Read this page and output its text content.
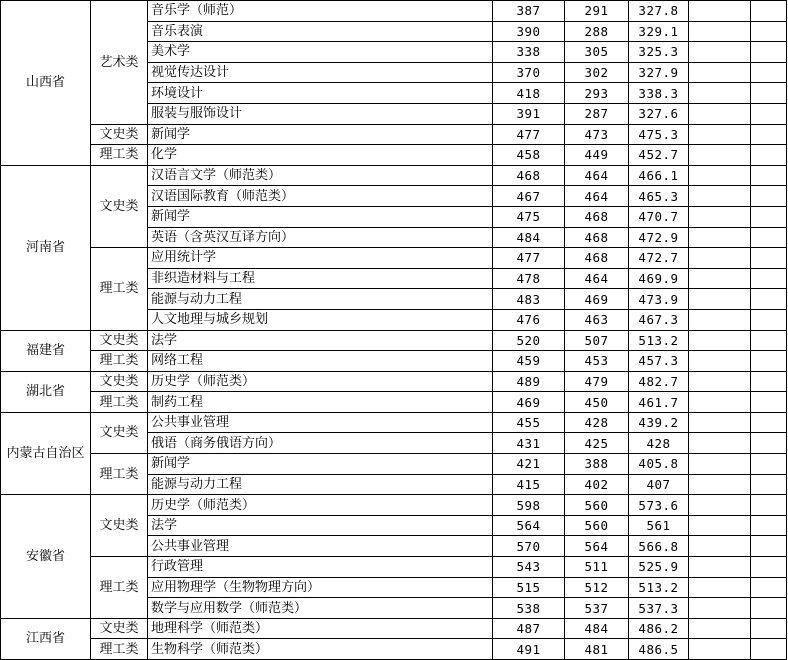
山西省	艺术类	音乐学（师范）	387	291	327.8		
		音乐表演	390	288	329.1		
		美术学	338	305	325.3		
		视觉传达设计	370	302	327.9		
		环境设计	418	293	338.3		
		服装与服饰设计	391	287	327.6		
	文史类	新闻学	477	473	475.3		
	理工类	化学	458	449	452.7		
河南省	文史类	汉语言文学（师范类）	468	464	466.1		
		汉语国际教育（师范类）	467	464	465.3		
		新闻学	475	468	470.7		
		英语（含英汉互译方向）	484	468	472.9		
	理工类	应用统计学	477	468	472.7		
		非织造材料与工程	478	464	469.9		
		能源与动力工程	483	469	473.9		
		人文地理与城乡规划	476	463	467.3		
福建省	文史类	法学	520	507	513.2		
	理工类	网络工程	459	453	457.3		
湖北省	文史类	历史学（师范类）	489	479	482.7		
	理工类	制药工程	469	450	461.7		
内蒙古自治区	文史类	公共事业管理	455	428	439.2		
		俄语（商务俄语方向）	431	425	428		
	理工类	新闻学	421	388	405.8		
		能源与动力工程	415	402	407		
安徽省	文史类	历史学（师范类）	598	560	573.6		
		法学	564	560	561		
		公共事业管理	570	564	566.8		
	理工类	行政管理	543	511	525.9		
		应用物理学（生物物理方向）	515	512	513.2		
		数学与应用数学（师范类）	538	537	537.3		
江西省	文史类	地理科学（师范类）	487	484	486.2		
	理工类	生物科学（师范类）	491	481	486.5		
